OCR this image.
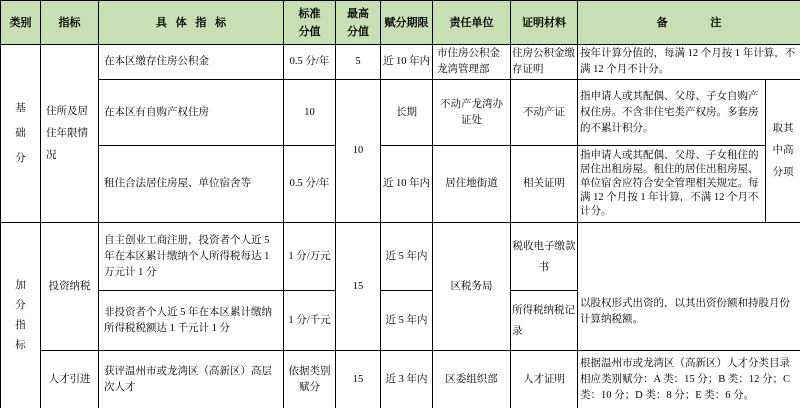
类别	指标	具 体 指 标	标准分值	最高分值	赋分期限	责任单位	证明材料	备 注	
基础分	住所及居住年限情况	在本区缴存住房公积金	0.5 分/年	5	近 10 年内	市住房公积金龙湾管理部	住房公积金缴存证明	按年计算分值的，每满 12 个月按 1 年计算，不满 12 个月不计分。	
		在本区有自购产权住房	10	10	长期	不动产龙湾办证处	不动产证	指申请人或其配偶、父母、子女自购产权住房。不含非住宅类产权房。多套房的不累计积分。	取其中高分项
		租住合法居住房屋、单位宿舍等	0.5 分/年		近 10 年内	居住地街道	相关证明	指申请人或其配偶、父母、子女租住的居住出租房屋。租住的居住出租房屋、单位宿舍应符合安全管理相关规定。每满 12 个月按 1 年计算，不满 12 个月不计分。	
加分指标	投资纳税	自主创业工商注册，投资者个人近 5 年在本区累计缴纳个人所得税每达 1 万元计 1 分	1 分/万元	15	近 5 年内	区税务局	税收电子缴款书	以股权形式出资的，以其出资份额和持股月份计算纳税额。	
		非投资者个人近 5 年在本区累计缴纳所得税税额达 1 千元计 1 分	1 分/千元		近 5 年内		所得税纳税记录		
	人才引进	获评温州市或龙湾区（高新区）高层次人才	依据类别赋分	15	近 3 年内	区委组织部	人才证明	根据温州市或龙湾区（高新区）人才分类目录相应类别赋分：A 类：15 分；B 类：12 分；C 类：10 分；D 类：8 分；E 类：6 分。	
